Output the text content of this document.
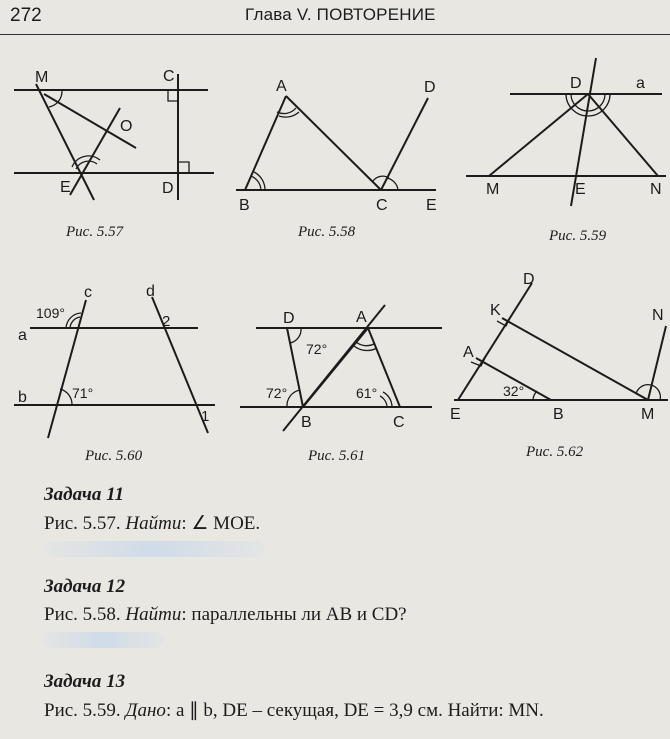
272	Глава V. ПОВТОРЕНИЕ
M	C
O
E	D
Рис. 5.57
A	D
B	C E
Рис. 5.58
D	a
M	E	N
Рис. 5.59
a
b
c	d
2
1
109°
71°
Рис. 5.60
D	A
B	C
72°
72°	61°
Рис. 5.61
D
K	N
A
E	B	M
32°
Рис. 5.62
Задача 11
Рис. 5.57. Найти: ∠ MOE.
Задача 12
Рис. 5.58. Найти: параллельны ли AB и CD?
Задача 13
Рис. 5.59. Дано: a ∥ b, DE – секущая, DE = 3,9 см. Найти: MN.
